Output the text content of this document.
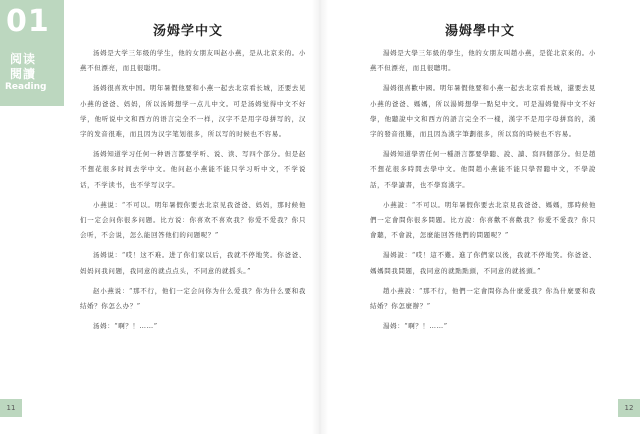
01
阅读
閱讀
Reading
汤姆学中文

汤姆是大学三年级的学生，他的女朋友叫赵小燕，是从北京来的。小燕不但漂亮，而且很聪明。

汤姆很喜欢中国。明年暑假他要和小燕一起去北京看长城，还要去见小燕的爸爸、妈妈，所以汤姆想学一点儿中文。可是汤姆觉得中文不好学，他听说中文和西方的语言完全不一样，汉字不是用字母拼写的，汉字的发音很难，而且因为汉字笔划很多，所以写的时候也不容易。

汤姆知道学习任何一种语言都要学听、说、读、写四个部分。但是赵不想花很多时间去学中文。他问赵小燕能不能只学习听中文，不学说话，不学读书，也不学写汉字。

小燕说：“不可以。明年暑假你要去北京见我爸爸、妈妈，那时候他们一定会问你很多问题。比方说：你喜欢不喜欢我？你爱不爱我？你只会听，不会说，怎么能回答他们的问题呢？”

汤姆说：“哎！这不难。进了你们家以后，我就不停地笑。你爸爸、妈妈问我问题，我同意的就点点头，不同意的就摇头。”

赵小燕说：“那不行，他们一定会问你为什么爱我？你为什么要和我结婚？你怎么办？”

汤姆：“啊？！……”

湯姆學中文

湯姆是大學三年級的學生，他的女朋友叫趙小燕，是從北京來的。小燕不但漂亮，而且很聰明。

湯姆很喜歡中國。明年暑假他要和小燕一起去北京看長城，還要去見小燕的爸爸、媽媽，所以湯姆想學一點兒中文。可是湯姆覺得中文不好學，他聽說中文和西方的語言完全不一樣，漢字不是用字母拼寫的，漢字的發音很難，而且因為漢字筆劃很多，所以寫的時候也不容易。

湯姆知道學習任何一種語言都要學聽、說、讀、寫四個部分。但是趙不想花很多時間去學中文。他問趙小燕能不能只學習聽中文，不學說話，不學讀書，也不學寫漢字。

小燕說：“不可以。明年暑假你要去北京見我爸爸、媽媽，那時候他們一定會問你很多問題。比方說：你喜歡不喜歡我？你愛不愛我？你只會聽，不會說，怎麼能回答他們的問題呢？”

湯姆說：“哎！這不難。進了你們家以後，我就不停地笑。你爸爸、媽媽問我問題，我同意的就點點頭，不同意的就搖頭。”

趙小燕說：“那不行，他們一定會問你為什麼愛我？你為什麼要和我結婚？你怎麼辦？”

湯姆：“啊？！……”

11	12
